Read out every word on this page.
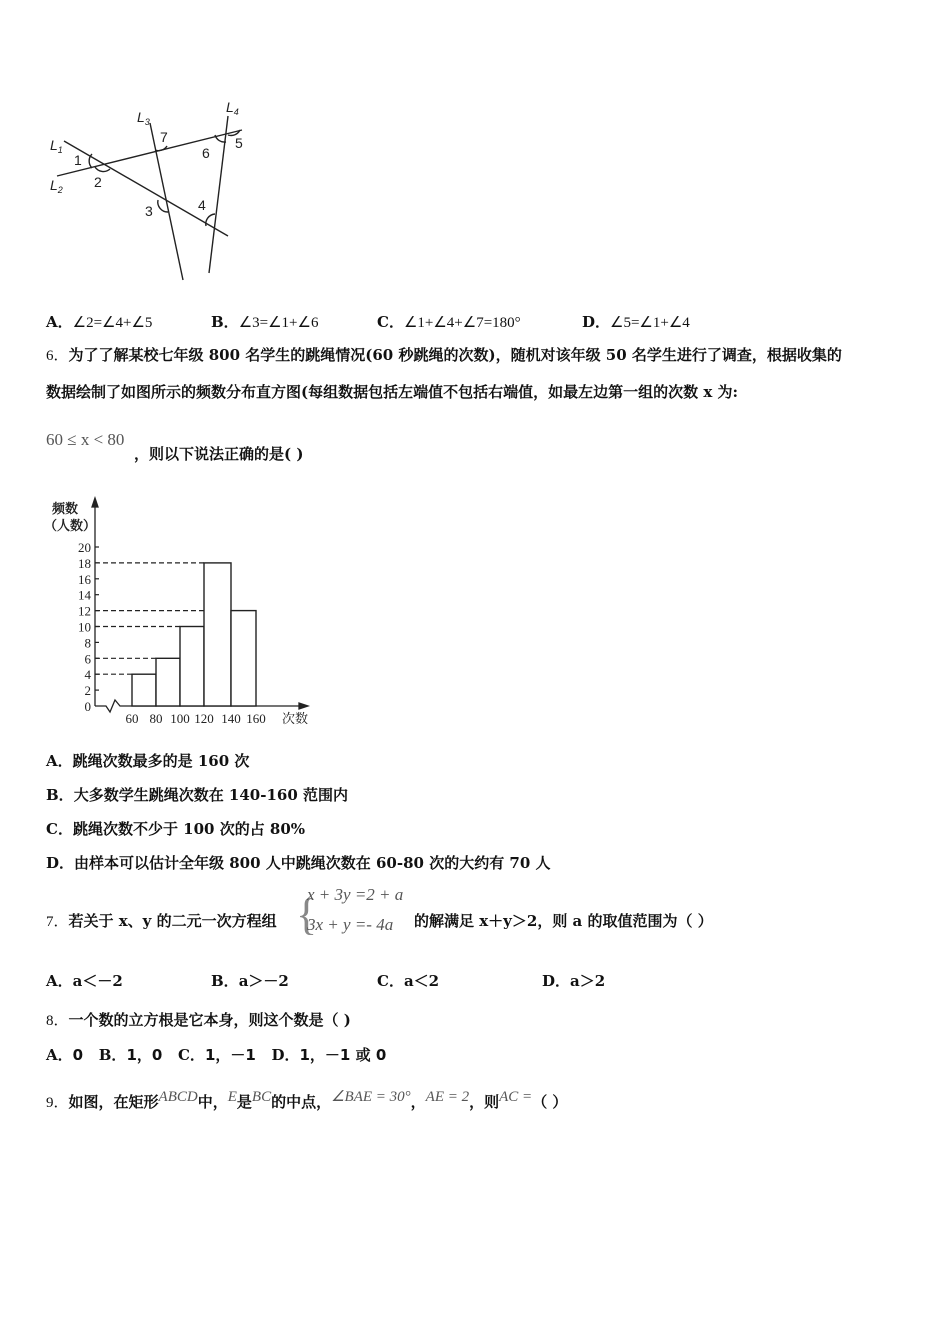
$L_1$
$L_2$
$L_3$
$L_4$
1
2
3	4
5
6
7
A．∠2=∠4+∠5	B．∠3=∠1+∠6	C．∠1+∠4+∠7=180°	D．∠5=∠1+∠4
6．为了了解某校七年级 800 名学生的跳绳情况(60 秒跳绳的次数)，随机对该年级 50 名学生进行了调查，根据收集的
数据绘制了如图所示的频数分布直方图(每组数据包括左端值不包括右端值，如最左边第一组的次数 x 为:
60 ≤ x < 80
，则以下说法正确的是( )
频数
（人数）
0
2
4
6
8
10
12
14
16
18
20
60 80 100 120 140 160 次数
A．跳绳次数最多的是 160 次
B．大多数学生跳绳次数在 140-160 范围内
C．跳绳次数不少于 100 次的占 80%
D．由样本可以估计全年级 800 人中跳绳次数在 60-80 次的大约有 70 人
7．若关于 x、y 的二元一次方程组 {
x + 3y =2 + a
3x + y =- 4a 的解满足 x＋y＞2，则 a 的取值范围为（ ）
A．a＜－2	B．a＞－2	C．a＜2	D．a＞2
8．一个数的立方根是它本身，则这个数是（ )
A．0 B．1，0 C．1，－1 D．1，－1 或 0
9．如图，在矩形ABCD中，E是BC的中点，∠BAE = 30°，AE = 2，则AC =（ ）
